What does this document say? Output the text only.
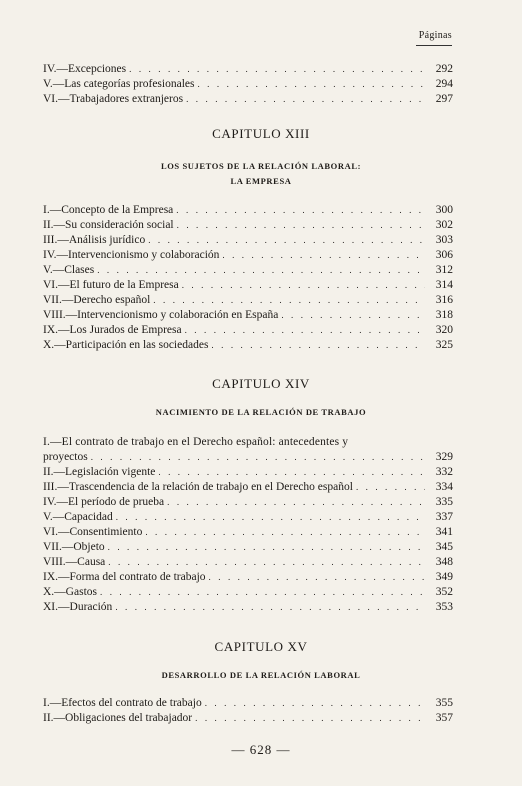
Páginas
IV.—Excepciones . . .	292
V.—Las categorías profesionales . . .	294
VI.—Trabajadores extranjeros . . .	297
CAPITULO XIII
LOS SUJETOS DE LA RELACIÓN LABORAL:
LA EMPRESA
I.—Concepto de la Empresa . . .	300
II.—Su consideración social . . .	302
III.—Análisis jurídico . . .	303
IV.—Intervencionismo y colaboración . . .	306
V.—Clases . . .	312
VI.—El futuro de la Empresa . . .	314
VII.—Derecho español . . .	316
VIII.—Intervencionismo y colaboración en España . . .	318
IX.—Los Jurados de Empresa . . .	320
X.—Participación en las sociedades . . .	325
CAPITULO XIV
NACIMIENTO DE LA RELACIÓN DE TRABAJO
I.—El contrato de trabajo en el Derecho español: antecedentes y
proyectos . . .	329
II.—Legislación vigente . . .	332
III.—Trascendencia de la relación de trabajo en el Derecho español . . .	334
IV.—El período de prueba . . .	335
V.—Capacidad . . .	337
VI.—Consentimiento . . .	341
VII.—Objeto . . .	345
VIII.—Causa . . .	348
IX.—Forma del contrato de trabajo . . .	349
X.—Gastos . . .	352
XI.—Duración . . .	353
CAPITULO XV
DESARROLLO DE LA RELACIÓN LABORAL
I.—Efectos del contrato de trabajo . . .	355
II.—Obligaciones del trabajador . . .	357
— 628 —
